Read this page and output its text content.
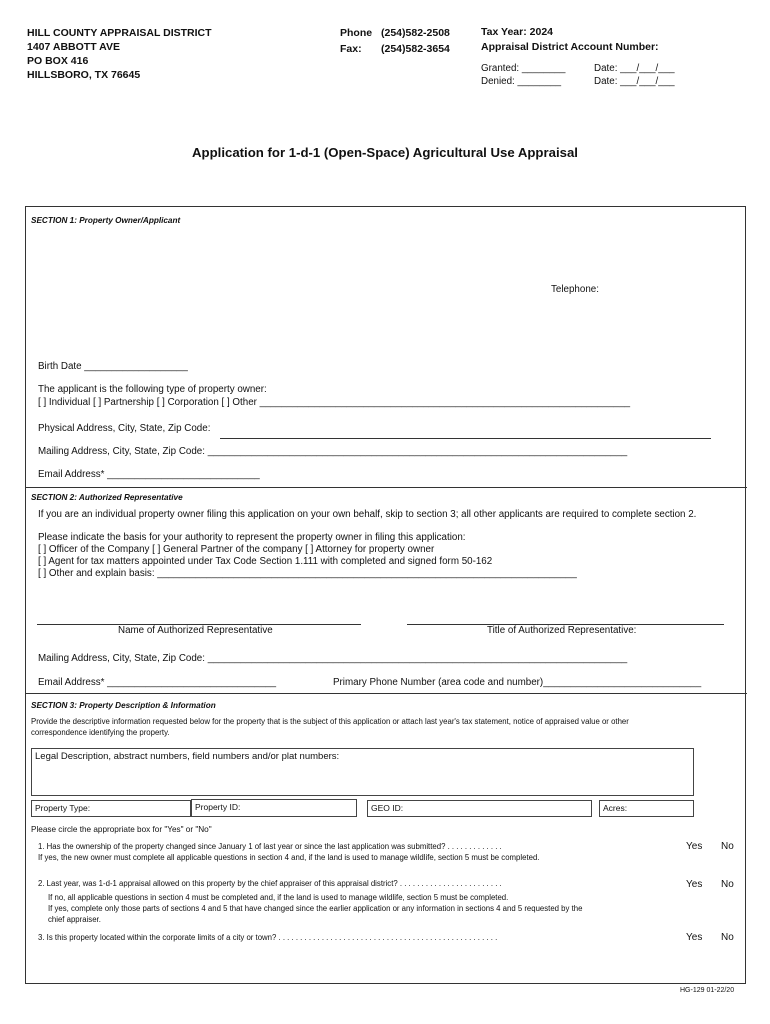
HILL COUNTY APPRAISAL DISTRICT
1407 ABBOTT AVE
PO BOX 416
HILLSBORO, TX 76645
Phone (254)582-2508
Fax: (254)582-3654
Tax Year: 2024
Appraisal District Account Number:
Granted: ________
Denied: ________
Date: ___/___/___
Date: ___/___/___
Application for 1-d-1 (Open-Space) Agricultural Use Appraisal
SECTION 1: Property Owner/Applicant
Telephone:
Birth Date ___________________
The applicant is the following type of property owner:
[ ] Individual [ ] Partnership [ ] Corporation [ ] Other ____________________________________________________________________
Physical Address, City, State, Zip Code:
Mailing Address, City, State, Zip Code: _____________________________________________________________________________
Email Address* ____________________________
SECTION 2: Authorized Representative
If you are an individual property owner filing this application on your own behalf, skip to section 3; all other applicants are required to complete section 2.
Please indicate the basis for your authority to represent the property owner in filing this application:
[ ] Officer of the Company [ ] General Partner of the company [ ] Attorney for property owner
[ ] Agent for tax matters appointed under Tax Code Section 1.111 with completed and signed form 50-162
[ ] Other and explain basis: _____________________________________________________________________________
Name of Authorized Representative	Title of Authorized Representative:
Mailing Address, City, State, Zip Code: _____________________________________________________________________________
Email Address* _______________________________	Primary Phone Number (area code and number)_____________________________
SECTION 3: Property Description & Information
Provide the descriptive information requested below for the property that is the subject of this application or attach last year's tax statement, notice of appraised value or other
correspondence identifying the property.
Legal Description, abstract numbers, field numbers and/or plat numbers:
Property Type:	Property ID:	GEO ID:	Acres:
Please circle the appropriate box for "Yes" or "No"
1. Has the ownership of the property changed since January 1 of last year or since the last application was submitted? . . . . . . . . . . . . .
If yes, the new owner must complete all applicable questions in section 4 and, if the land is used to manage wildlife, section 5 must be completed.
Yes No
2. Last year, was 1-d-1 appraisal allowed on this property by the chief appraiser of this appraisal district? . . . . . . . . . . . . . . . . . . . . . . . .
If no, all applicable questions in section 4 must be completed and, if the land is used to manage wildlife, section 5 must be completed.
If yes, complete only those parts of sections 4 and 5 that have changed since the earlier application or any information in sections 4 and 5 requested by the
chief appraiser.
Yes No
3. Is this property located within the corporate limits of a city or town? . . . . . . . . . . . . . . . . . . . . . . . . . . . . . . . . . . . . . . . . . . . . . . . . . . .	Yes No
HG-129 01-22/20
